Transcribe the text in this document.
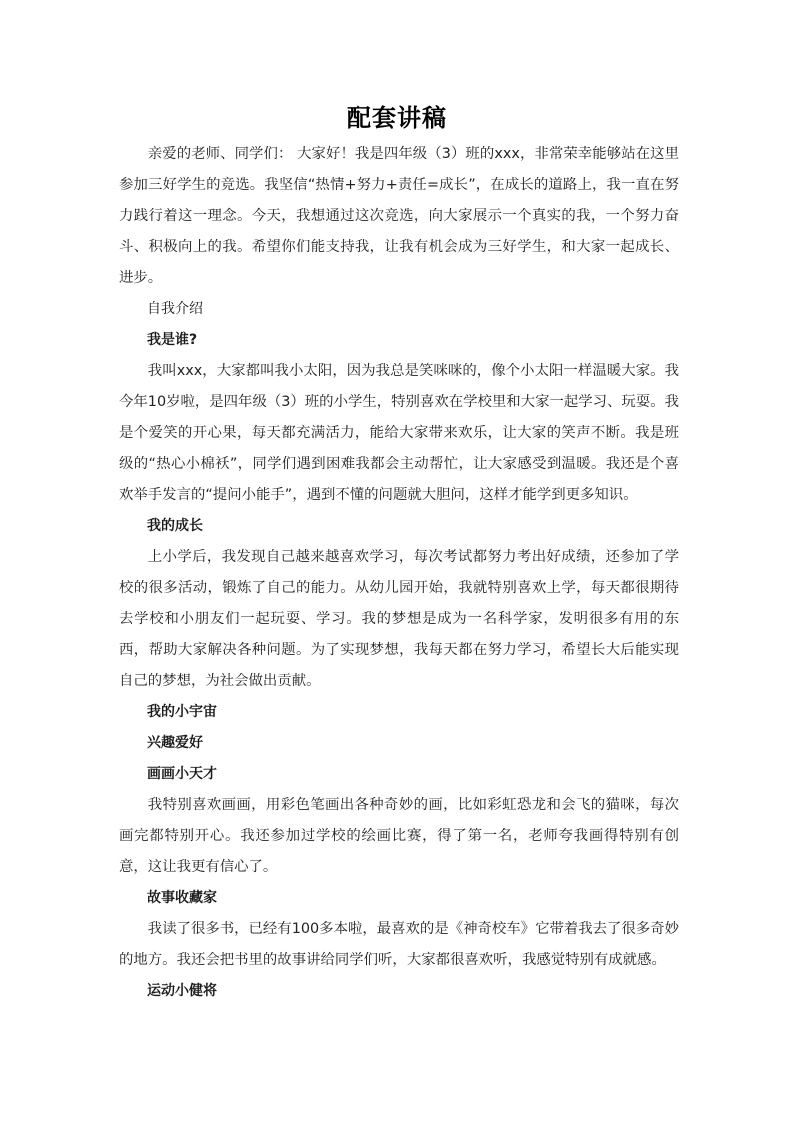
配套讲稿

亲爱的老师、同学们： 大家好！我是四年级（3）班的xxx，非常荣幸能够站在这里参加三好学生的竞选。我坚信“热情+努力+责任=成长”，在成长的道路上，我一直在努力践行着这一理念。今天，我想通过这次竞选，向大家展示一个真实的我，一个努力奋斗、积极向上的我。希望你们能支持我，让我有机会成为三好学生，和大家一起成长、进步。

自我介绍

我是谁?

我叫xxx，大家都叫我小太阳，因为我总是笑咪咪的，像个小太阳一样温暖大家。我今年10岁啦，是四年级（3）班的小学生，特别喜欢在学校里和大家一起学习、玩耍。我是个爱笑的开心果，每天都充满活力，能给大家带来欢乐，让大家的笑声不断。我是班级的“热心小棉袄”，同学们遇到困难我都会主动帮忙，让大家感受到温暖。我还是个喜欢举手发言的“提问小能手”，遇到不懂的问题就大胆问，这样才能学到更多知识。

我的成长

上小学后，我发现自己越来越喜欢学习，每次考试都努力考出好成绩，还参加了学校的很多活动，锻炼了自己的能力。从幼儿园开始，我就特别喜欢上学，每天都很期待去学校和小朋友们一起玩耍、学习。我的梦想是成为一名科学家，发明很多有用的东西，帮助大家解决各种问题。为了实现梦想，我每天都在努力学习，希望长大后能实现自己的梦想，为社会做出贡献。

我的小宇宙

兴趣爱好

画画小天才

我特别喜欢画画，用彩色笔画出各种奇妙的画，比如彩虹恐龙和会飞的猫咪，每次画完都特别开心。我还参加过学校的绘画比赛，得了第一名，老师夸我画得特别有创意，这让我更有信心了。

故事收藏家

我读了很多书，已经有100多本啦，最喜欢的是《神奇校车》它带着我去了很多奇妙的地方。我还会把书里的故事讲给同学们听，大家都很喜欢听，我感觉特别有成就感。

运动小健将
